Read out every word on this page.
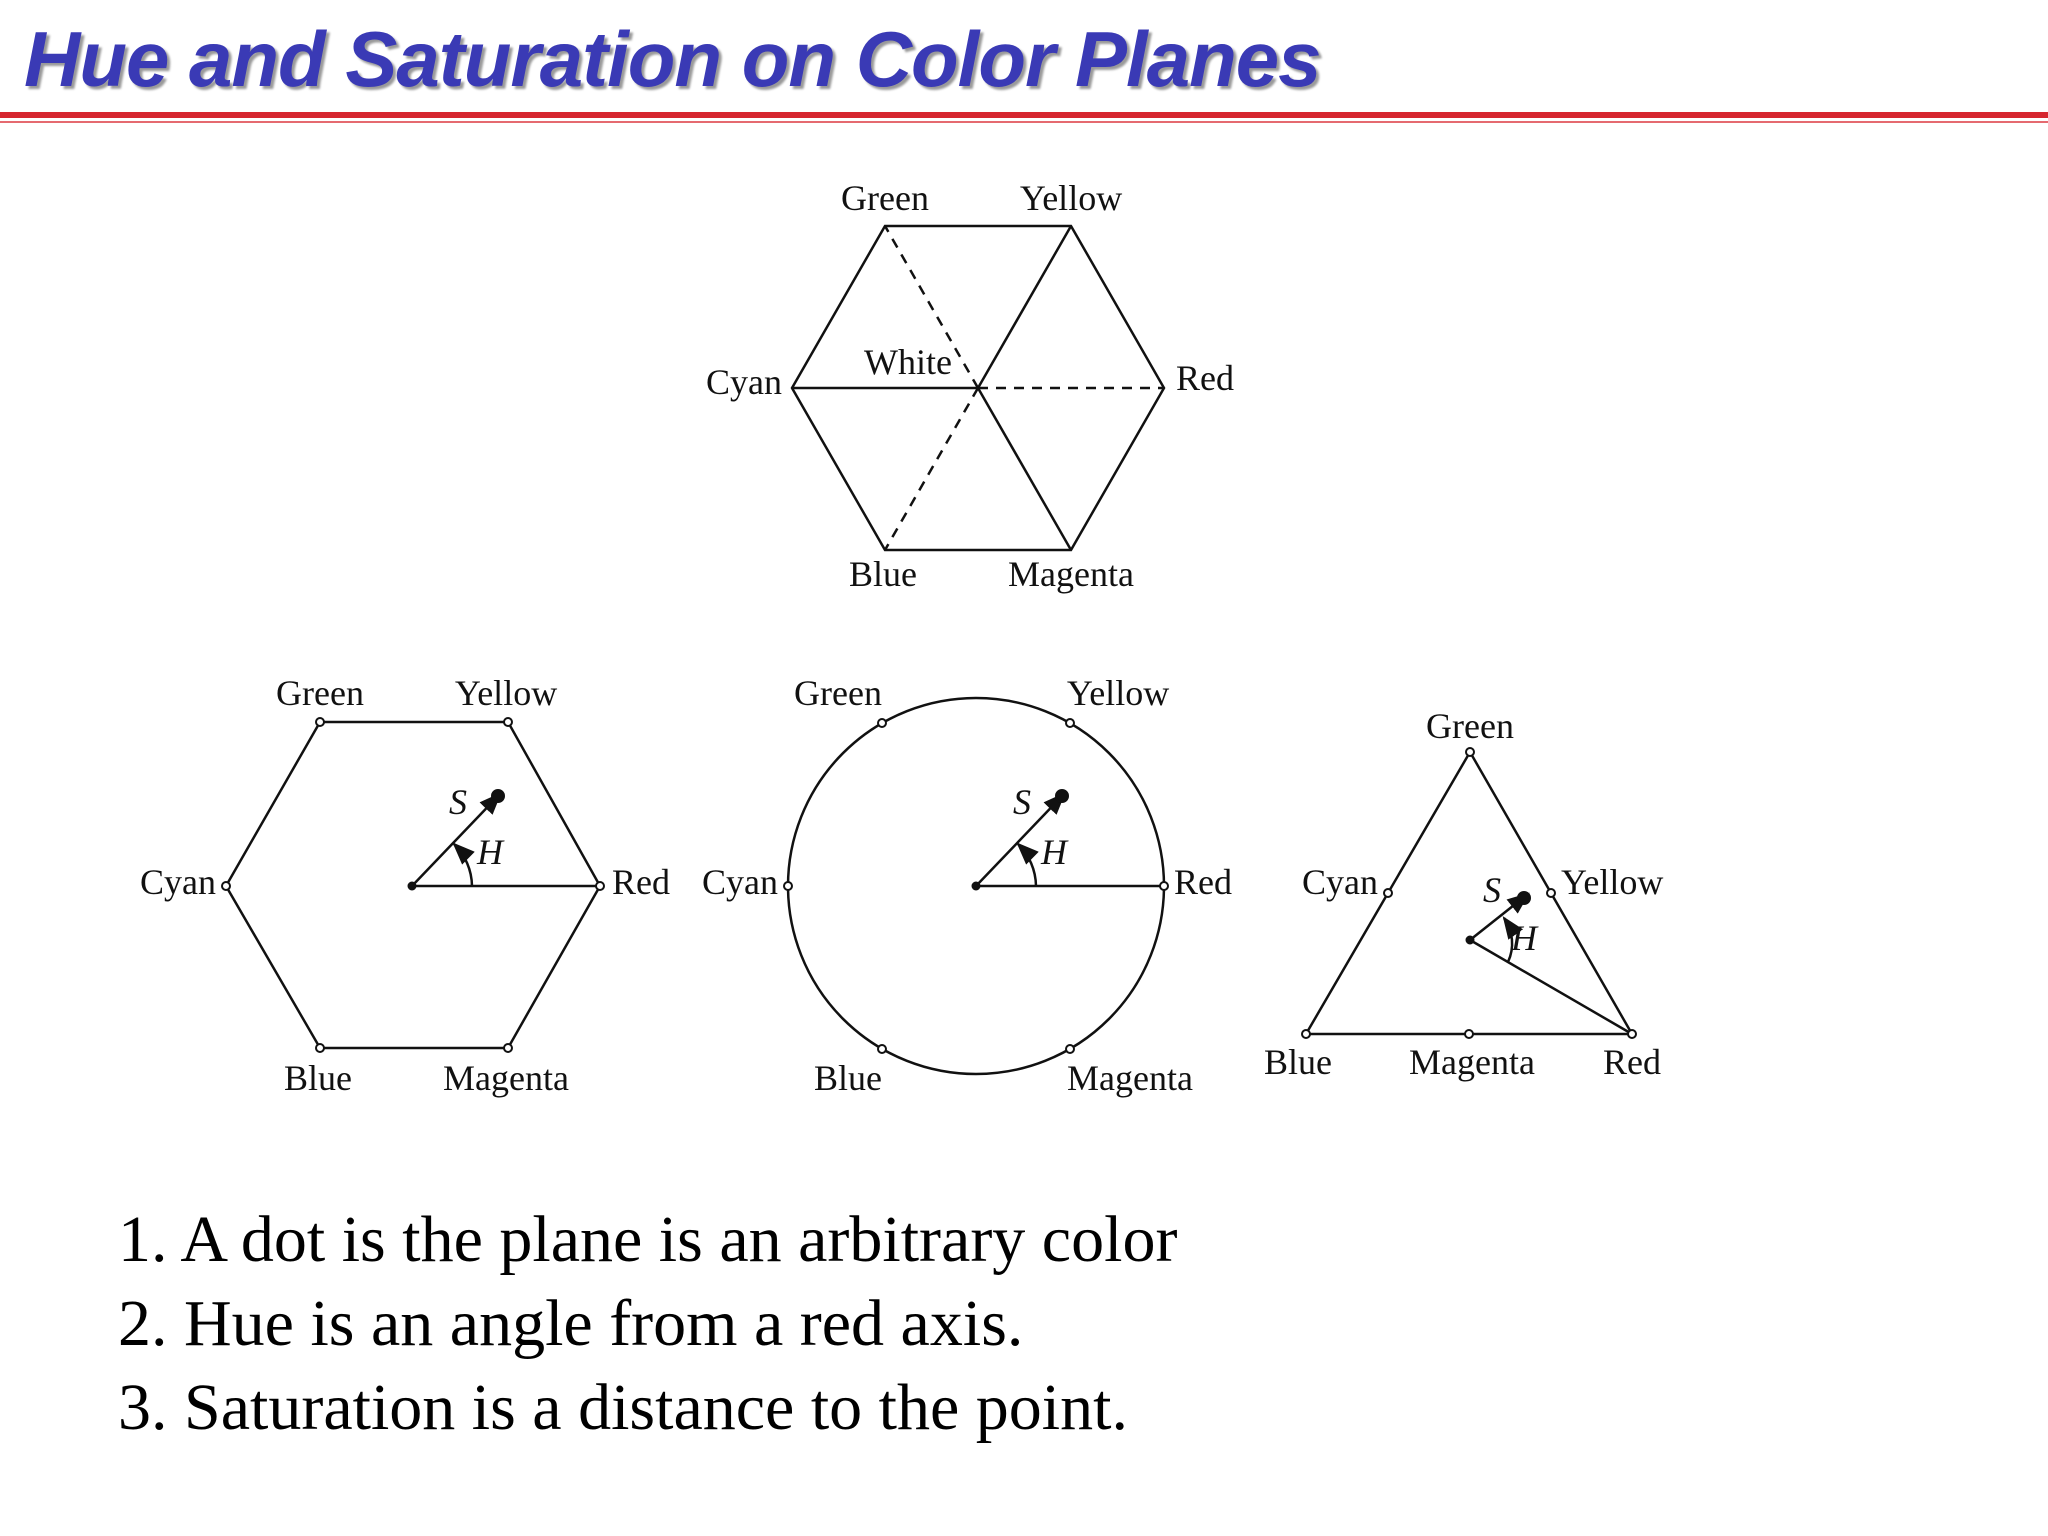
Hue and Saturation on Color Planes
Green	Yellow
Cyan White	Red
Blue	Magenta
Green	Yellow
Cyan	Red
Blue	Magenta
S
H
Green	Yellow
Cyan	Red
Blue	Magenta
S
H
Green
Cyan	Yellow
Blue Magenta Red
S
H
1. A dot is the plane is an arbitrary color
2. Hue is an angle from a red axis.
3. Saturation is a distance to the point.
